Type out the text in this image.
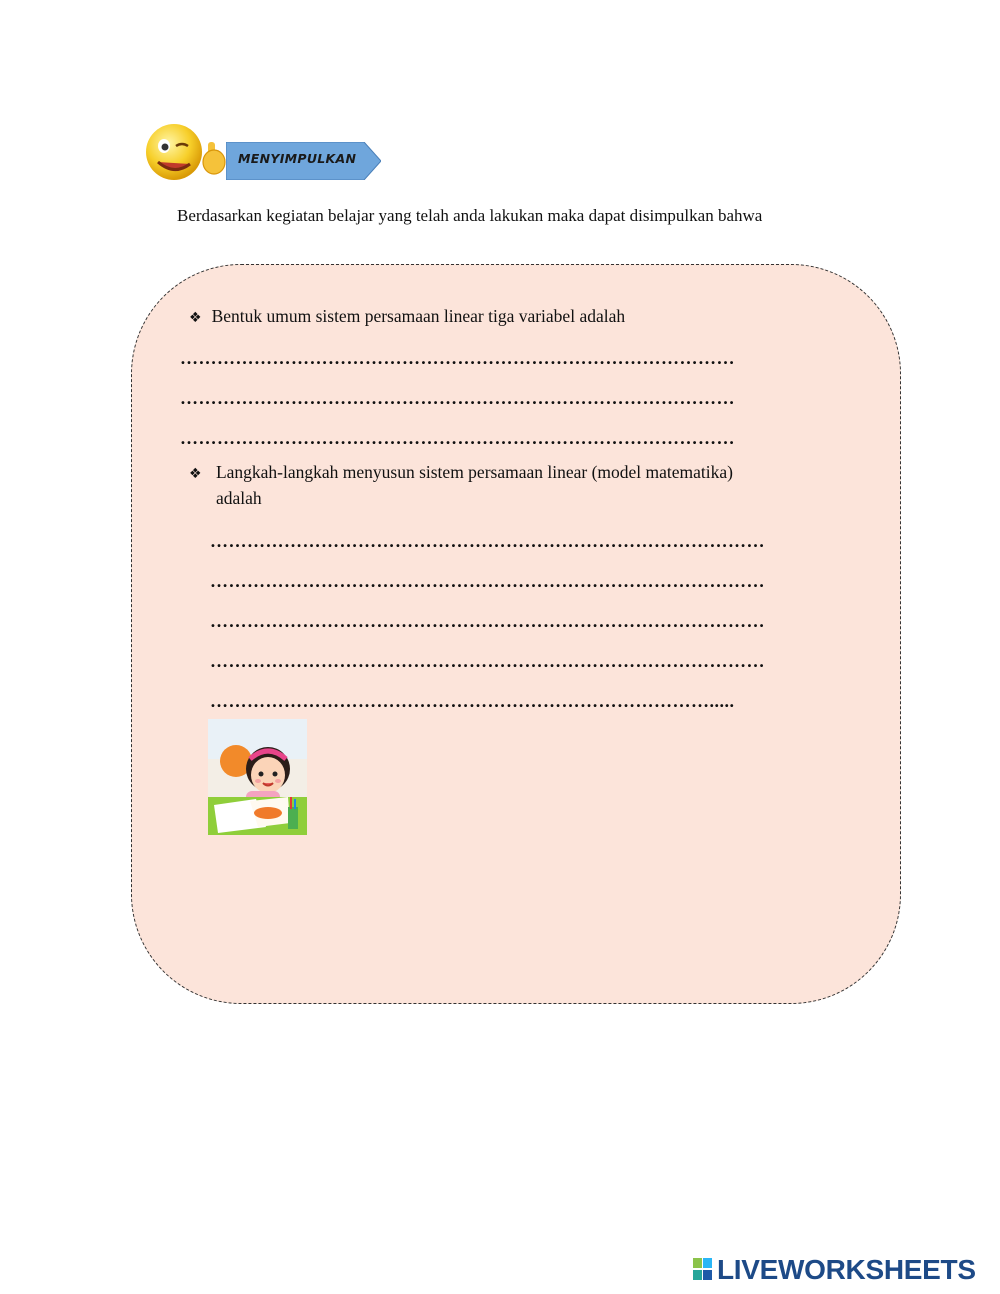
MENYIMPULKAN
Berdasarkan kegiatan belajar yang telah anda lakukan maka dapat disimpulkan bahwa
❖ Bentuk umum sistem persamaan linear tiga variabel adalah
………………………………………………………………………………
………………………………………………………………………………
………………………………………………………………………………
❖ Langkah-langkah menyusun sistem persamaan linear (model matematika)
adalah
………………………………………………………………………………
………………………………………………………………………………
………………………………………………………………………………
………………………………………………………………………………
……………………………………………………………………….....
LIVEWORKSHEETS
